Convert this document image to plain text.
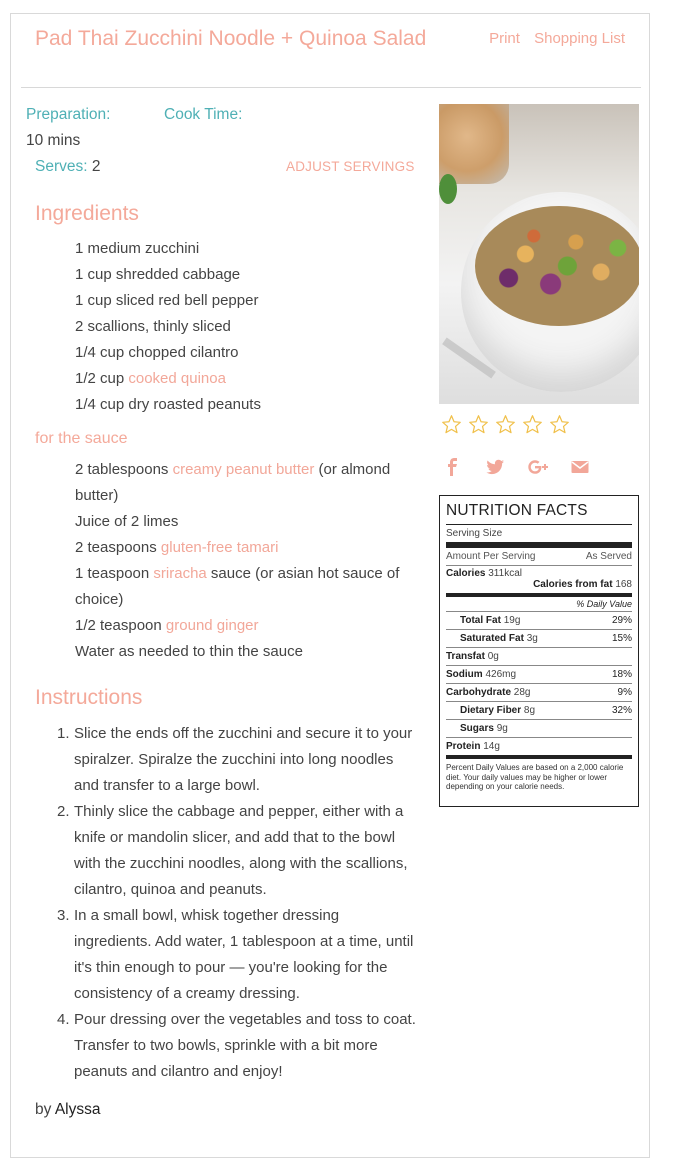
Pad Thai Zucchini Noodle + Quinoa Salad	Print Shopping List
Preparation:	Cook Time:
10 mins
Serves: 2	ADJUST SERVINGS
Ingredients
1 medium zucchini
1 cup shredded cabbage
1 cup sliced red bell pepper
2 scallions, thinly sliced
1/4 cup chopped cilantro
1/2 cup cooked quinoa
1/4 cup dry roasted peanuts
for the sauce
2 tablespoons creamy peanut butter (or almond butter)
Juice of 2 limes
2 teaspoons gluten-free tamari
1 teaspoon sriracha sauce (or asian hot sauce of choice)
1/2 teaspoon ground ginger
Water as needed to thin the sauce
Instructions
1. Slice the ends off the zucchini and secure it to your spiralzer. Spiralze the zucchini into long noodles and transfer to a large bowl.
2. Thinly slice the cabbage and pepper, either with a knife or mandolin slicer, and add that to the bowl with the zucchini noodles, along with the scallions, cilantro, quinoa and peanuts.
3. In a small bowl, whisk together dressing ingredients. Add water, 1 tablespoon at a time, until it's thin enough to pour — you're looking for the consistency of a creamy dressing.
4. Pour dressing over the vegetables and toss to coat. Transfer to two bowls, sprinkle with a bit more peanuts and cilantro and enjoy!
by Alyssa

NUTRITION FACTS
Serving Size
Amount Per Serving	As Served
Calories 311kcal
Calories from fat 168
% Daily Value
Total Fat 19g	29%
Saturated Fat 3g	15%
Transfat 0g
Sodium 426mg	18%
Carbohydrate 28g	9%
Dietary Fiber 8g	32%
Sugars 9g
Protein 14g
Percent Daily Values are based on a 2,000 calorie diet. Your daily values may be higher or lower depending on your calorie needs.
